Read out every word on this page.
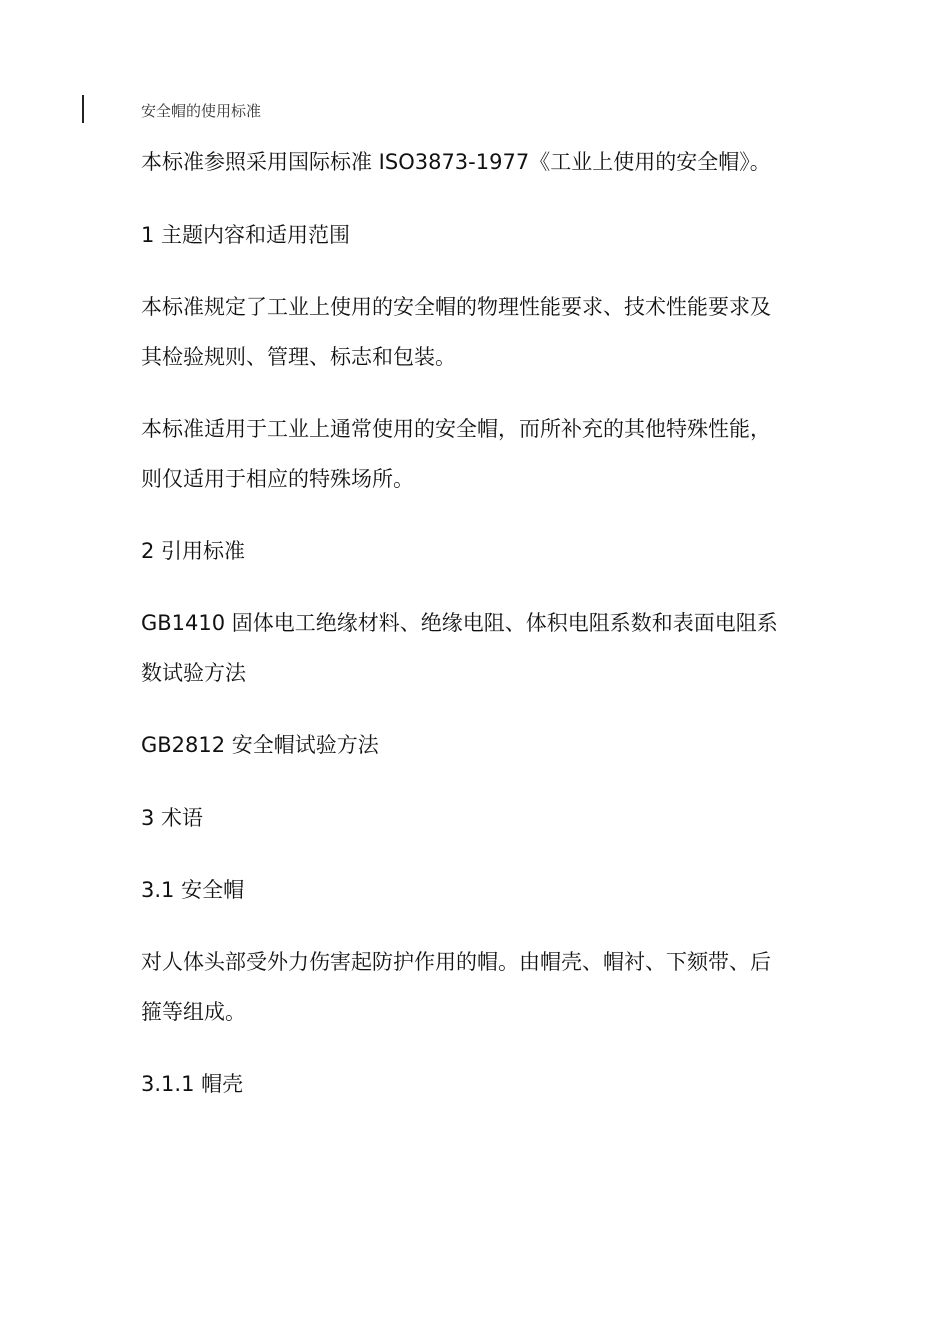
安全帽的使用标准

本标准参照采用国际标准 ISO3873-1977《工业上使用的安全帽》。

1 主题内容和适用范围

本标准规定了工业上使用的安全帽的物理性能要求、技术性能要求及
其检验规则、管理、标志和包装。

本标准适用于工业上通常使用的安全帽，而所补充的其他特殊性能，
则仅适用于相应的特殊场所。

2 引用标准

GB1410 固体电工绝缘材料、绝缘电阻、体积电阻系数和表面电阻系
数试验方法

GB2812 安全帽试验方法

3 术语

3.1 安全帽

对人体头部受外力伤害起防护作用的帽。由帽壳、帽衬、下颏带、后
箍等组成。

3.1.1 帽壳
